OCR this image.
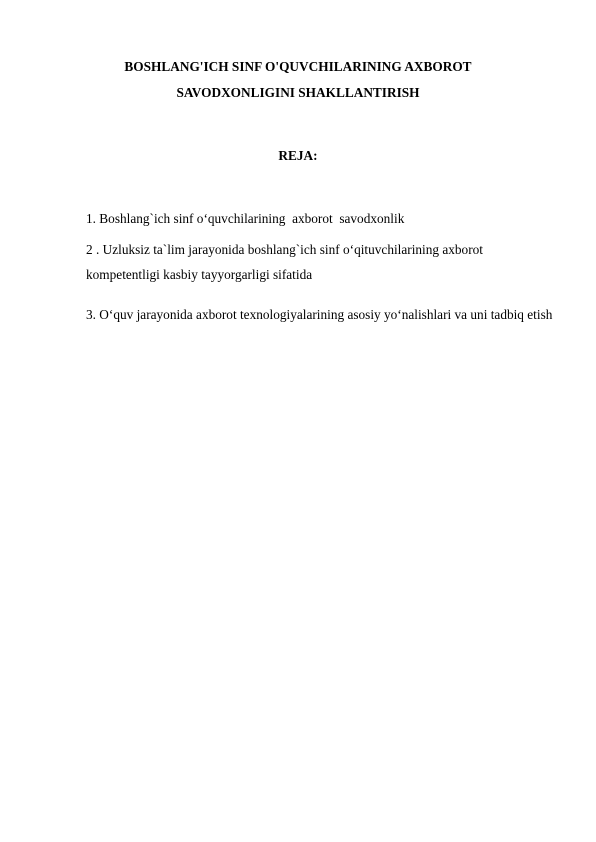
BOSHLANG'ICH SINF O'QUVCHILARINING AXBOROT

SAVODXONLIGINI SHAKLLANTIRISH

REJA:

1. Boshlang`ich sinf o‘quvchilarining  axborot  savodxonlik

2 . Uzluksiz ta`lim jarayonida boshlang`ich sinf o‘qituvchilarining axborot kompetentligi kasbiy tayyorgarligi sifatida

3. O‘quv jarayonida axborot texnologiyalarining asosiy yo‘nalishlari va uni tadbiq etish
